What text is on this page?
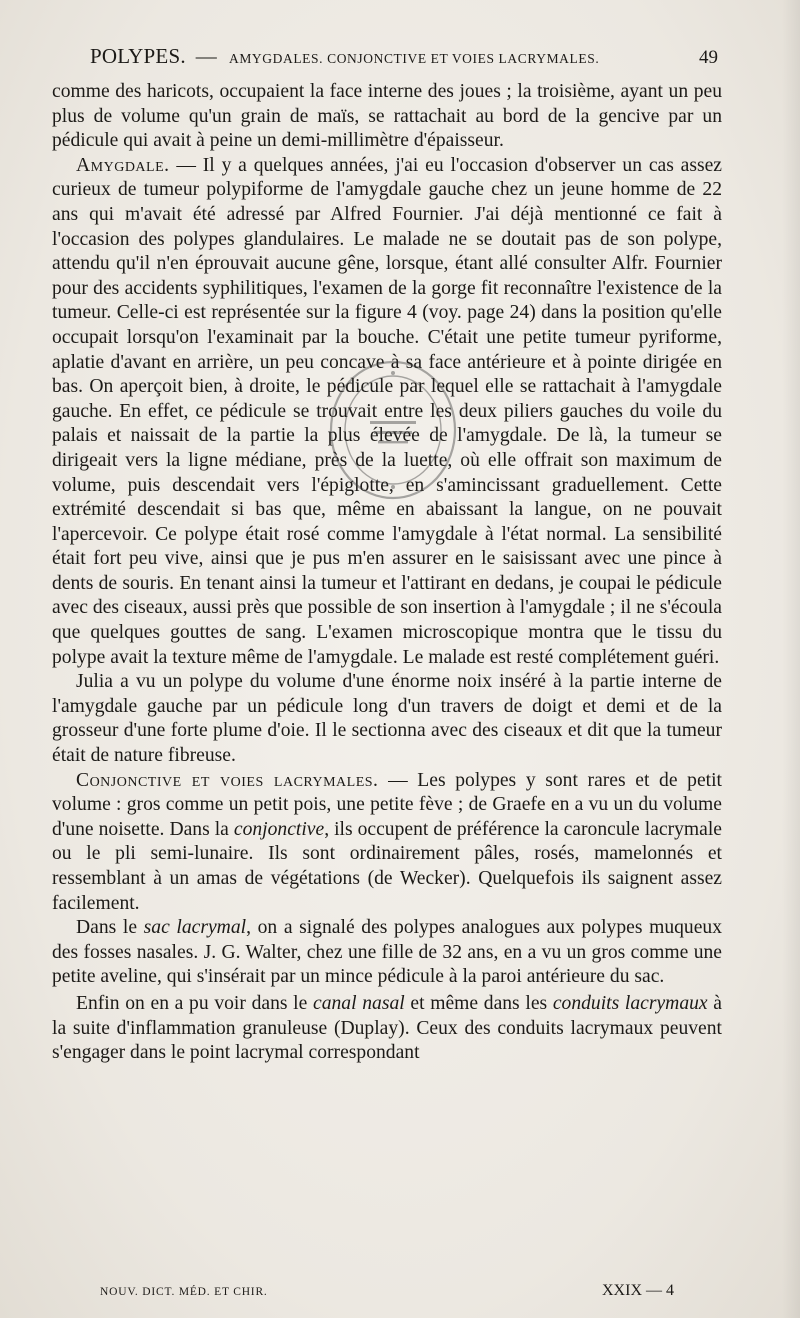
POLYPES. — AMYGDALES. CONJONCTIVE ET VOIES LACRYMALES.	49

comme des haricots, occupaient la face interne des joues ; la troisième, ayant un peu plus de volume qu'un grain de maïs, se rattachait au bord de la gencive par un pédicule qui avait à peine un demi-millimètre d'épaisseur.

Amygdale. — Il y a quelques années, j'ai eu l'occasion d'observer un cas assez curieux de tumeur polypiforme de l'amygdale gauche chez un jeune homme de 22 ans qui m'avait été adressé par Alfred Fournier. J'ai déjà mentionné ce fait à l'occasion des polypes glandulaires. Le malade ne se doutait pas de son polype, attendu qu'il n'en éprouvait aucune gêne, lorsque, étant allé consulter Alfr. Fournier pour des accidents syphilitiques, l'examen de la gorge fit reconnaître l'existence de la tumeur. Celle-ci est représentée sur la figure 4 (voy. page 24) dans la position qu'elle occupait lorsqu'on l'examinait par la bouche. C'était une petite tumeur pyriforme, aplatie d'avant en arrière, un peu concave à sa face antérieure et à pointe dirigée en bas. On aperçoit bien, à droite, le pédicule par lequel elle se rattachait à l'amygdale gauche. En effet, ce pédicule se trouvait entre les deux piliers gauches du voile du palais et naissait de la partie la plus élevée de l'amygdale. De là, la tumeur se dirigeait vers la ligne médiane, près de la luette, où elle offrait son maximum de volume, puis descendait vers l'épiglotte, en s'amincissant graduellement. Cette extrémité descendait si bas que, même en abaissant la langue, on ne pouvait l'apercevoir. Ce polype était rosé comme l'amygdale à l'état normal. La sensibilité était fort peu vive, ainsi que je pus m'en assurer en le saisissant avec une pince à dents de souris. En tenant ainsi la tumeur et l'attirant en dedans, je coupai le pédicule avec des ciseaux, aussi près que possible de son insertion à l'amygdale ; il ne s'écoula que quelques gouttes de sang. L'examen microscopique montra que le tissu du polype avait la texture même de l'amygdale. Le malade est resté complétement guéri.

Julia a vu un polype du volume d'une énorme noix inséré à la partie interne de l'amygdale gauche par un pédicule long d'un travers de doigt et demi et de la grosseur d'une forte plume d'oie. Il le sectionna avec des ciseaux et dit que la tumeur était de nature fibreuse.

Conjonctive et voies lacrymales. — Les polypes y sont rares et de petit volume : gros comme un petit pois, une petite fève ; de Graefe en a vu un du volume d'une noisette. Dans la conjonctive, ils occupent de préférence la caroncule lacrymale ou le pli semi-lunaire. Ils sont ordinairement pâles, rosés, mamelonnés et ressemblant à un amas de végétations (de Wecker). Quelquefois ils saignent assez facilement.

Dans le sac lacrymal, on a signalé des polypes analogues aux polypes muqueux des fosses nasales. J. G. Walter, chez une fille de 32 ans, en a vu un gros comme une petite aveline, qui s'insérait par un mince pédicule à la paroi antérieure du sac.

Enfin on en a pu voir dans le canal nasal et même dans les conduits lacrymaux à la suite d'inflammation granuleuse (Duplay). Ceux des conduits lacrymaux peuvent s'engager dans le point lacrymal correspondant

NOUV. DICT. MÉD. ET CHIR.	XXIX — 4
